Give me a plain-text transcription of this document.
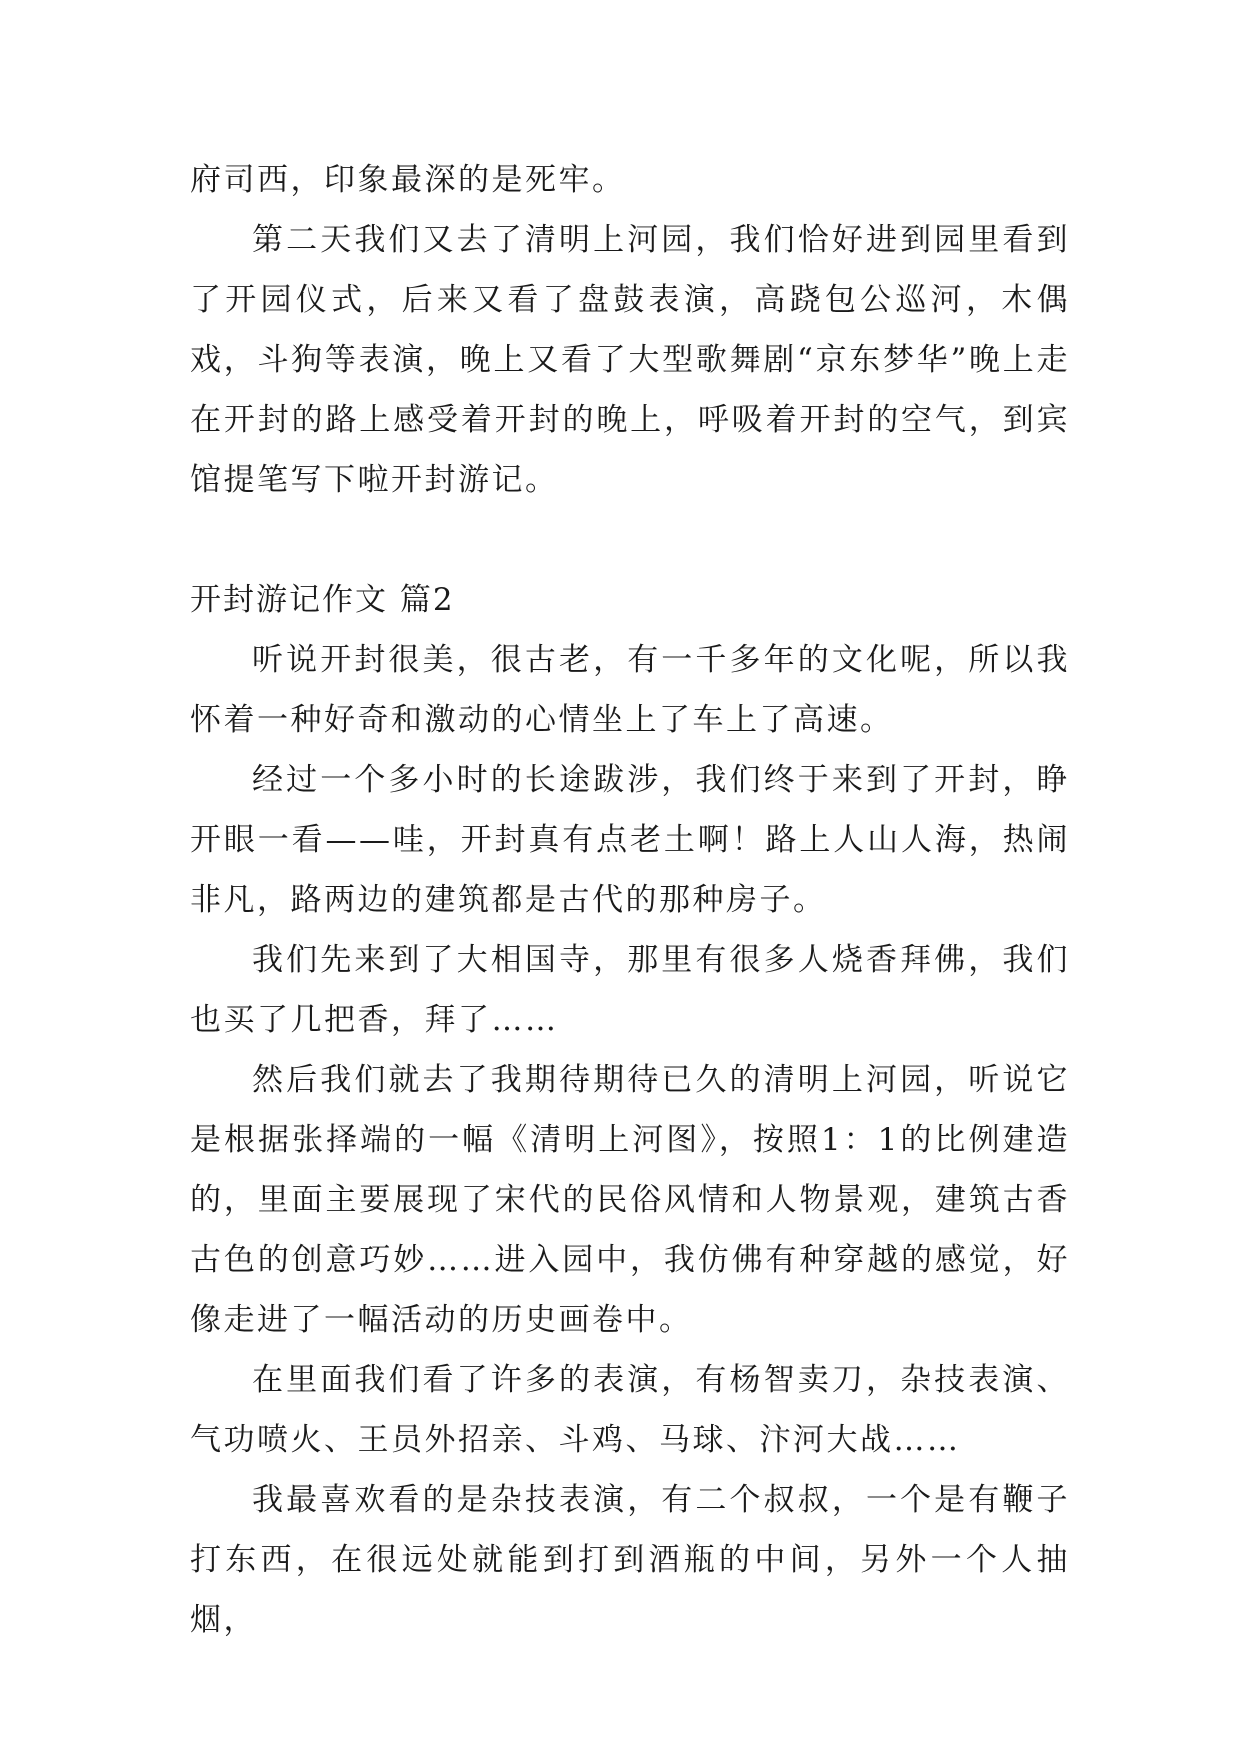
府司西，印象最深的是死牢。

第二天我们又去了清明上河园，我们恰好进到园里看到了开园仪式，后来又看了盘鼓表演，高跷包公巡河，木偶戏，斗狗等表演，晚上又看了大型歌舞剧“京东梦华”晚上走在开封的路上感受着开封的晚上，呼吸着开封的空气，到宾馆提笔写下啦开封游记。

开封游记作文 篇2

听说开封很美，很古老，有一千多年的文化呢，所以我怀着一种好奇和激动的心情坐上了车上了高速。

经过一个多小时的长途跋涉，我们终于来到了开封，睁开眼一看——哇，开封真有点老土啊！路上人山人海，热闹非凡，路两边的建筑都是古代的那种房子。

我们先来到了大相国寺，那里有很多人烧香拜佛，我们也买了几把香，拜了……

然后我们就去了我期待期待已久的清明上河园，听说它是根据张择端的一幅《清明上河图》，按照1：1的比例建造的，里面主要展现了宋代的民俗风情和人物景观，建筑古香古色的创意巧妙……进入园中，我仿佛有种穿越的感觉，好像走进了一幅活动的历史画卷中。

在里面我们看了许多的表演，有杨智卖刀，杂技表演、气功喷火、王员外招亲、斗鸡、马球、汴河大战……

我最喜欢看的是杂技表演，有二个叔叔，一个是有鞭子打东西，在很远处就能到打到酒瓶的中间，另外一个人抽烟，
